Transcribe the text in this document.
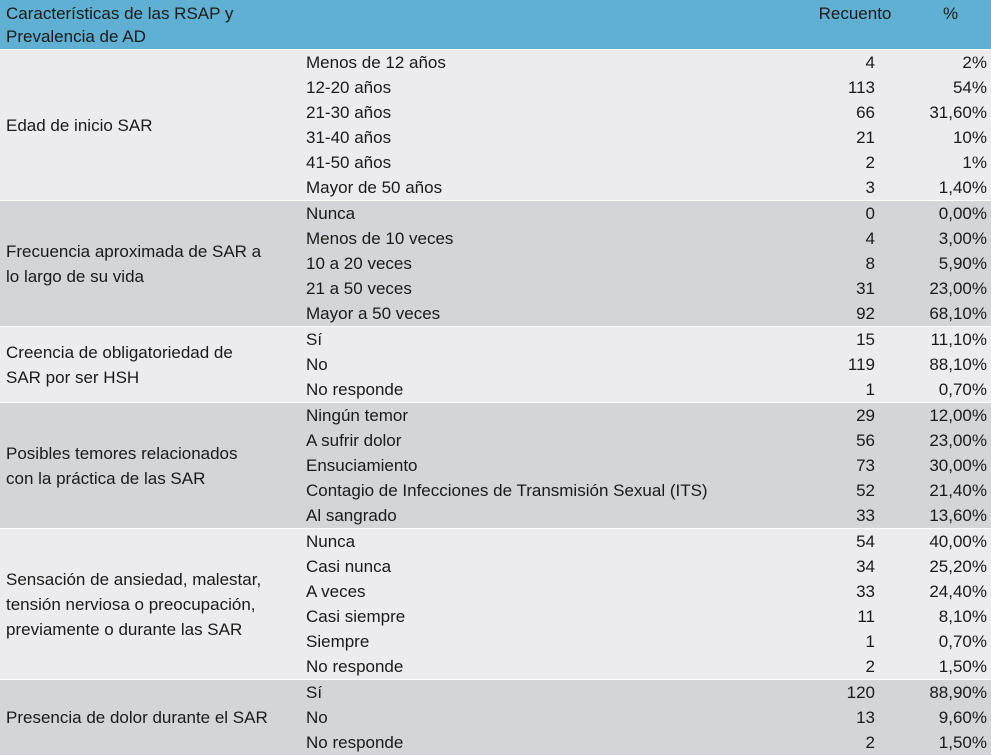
Características de las RSAP y
Prevalencia de AD
Recuento	%
Edad de inicio SAR
Menos de 12 años	4	2%
12-20 años	113	54%
21-30 años	66	31,60%
31-40 años	21	10%
41-50 años	2	1%
Mayor de 50 años	3	1,40%
Frecuencia aproximada de SAR a
lo largo de su vida
Nunca	0	0,00%
Menos de 10 veces	4	3,00%
10 a 20 veces	8	5,90%
21 a 50 veces	31	23,00%
Mayor a 50 veces	92	68,10%
Creencia de obligatoriedad de
SAR por ser HSH
Sí	15	11,10%
No	119	88,10%
No responde	1	0,70%
Posibles temores relacionados
con la práctica de las SAR
Ningún temor	29	12,00%
A sufrir dolor	56	23,00%
Ensuciamiento	73	30,00%
Contagio de Infecciones de Transmisión Sexual (ITS)	52	21,40%
Al sangrado	33	13,60%
Sensación de ansiedad, malestar,
tensión nerviosa o preocupación,
previamente o durante las SAR
Nunca	54	40,00%
Casi nunca	34	25,20%
A veces	33	24,40%
Casi siempre	11	8,10%
Siempre	1	0,70%
No responde	2	1,50%
Presencia de dolor durante el SAR
Sí	120	88,90%
No	13	9,60%
No responde	2	1,50%
